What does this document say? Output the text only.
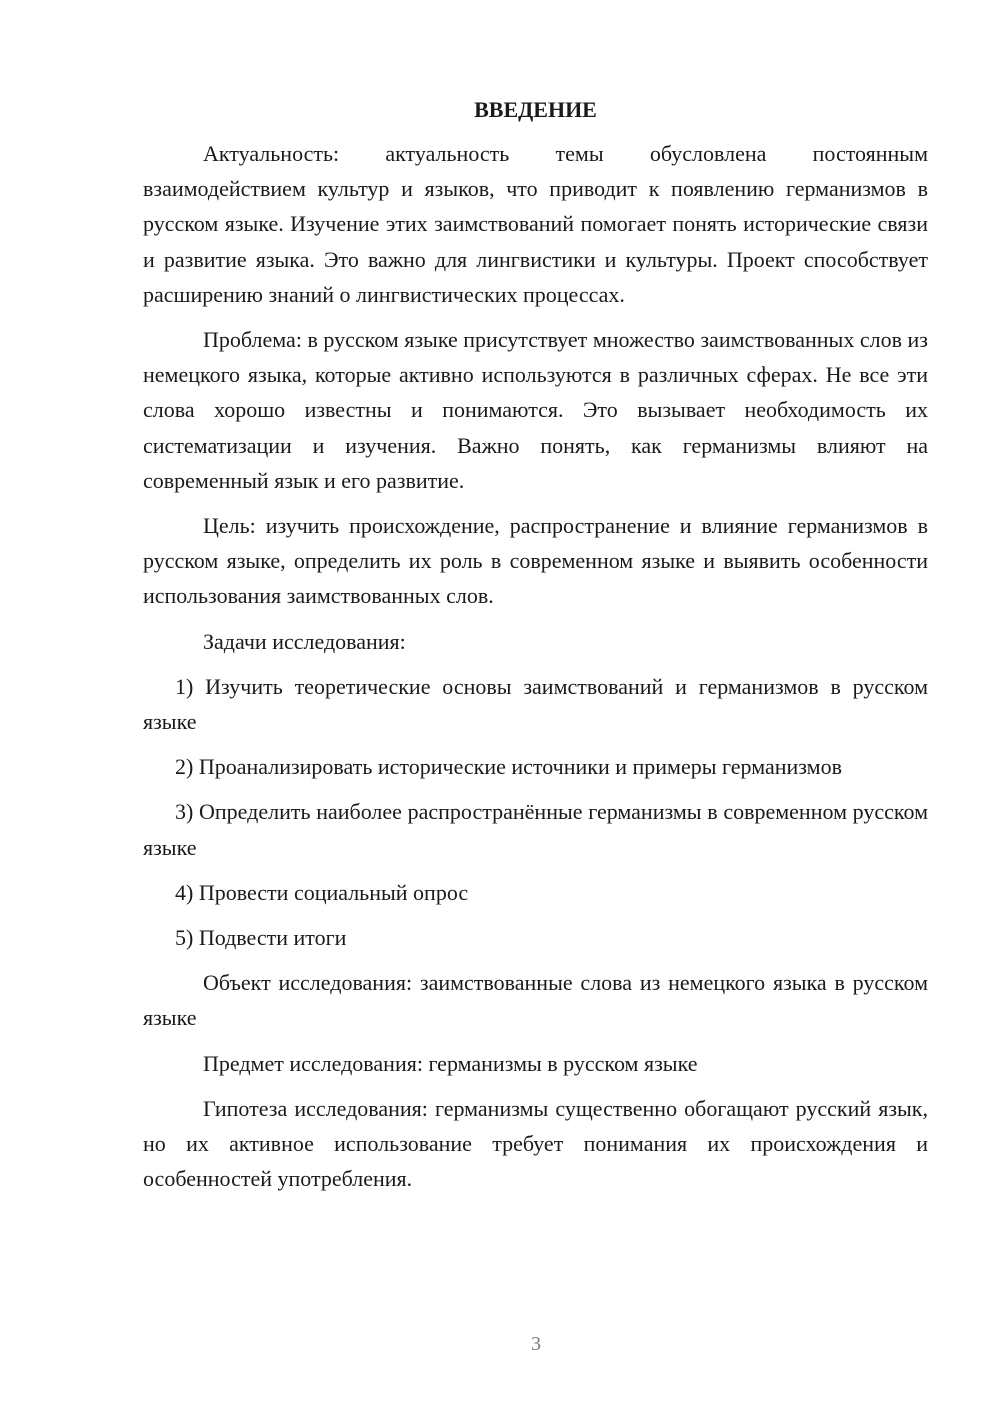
ВВЕДЕНИЕ

Актуальность: актуальность темы обусловлена постоянным взаимодействием культур и языков, что приводит к появлению германизмов в русском языке. Изучение этих заимствований помогает понять исторические связи и развитие языка. Это важно для лингвистики и культуры. Проект способствует расширению знаний о лингвистических процессах.

Проблема: в русском языке присутствует множество заимствованных слов из немецкого языка, которые активно используются в различных сферах. Не все эти слова хорошо известны и понимаются. Это вызывает необходимость их систематизации и изучения. Важно понять, как германизмы влияют на современный язык и его развитие.

Цель: изучить происхождение, распространение и влияние германизмов в русском языке, определить их роль в современном языке и выявить особенности использования заимствованных слов.

Задачи исследования:

1) Изучить теоретические основы заимствований и германизмов в русском языке

2) Проанализировать исторические источники и примеры германизмов

3) Определить наиболее распространённые германизмы в современном русском языке

4) Провести социальный опрос

5) Подвести итоги

Объект исследования: заимствованные слова из немецкого языка в русском языке

Предмет исследования: германизмы в русском языке

Гипотеза исследования: германизмы существенно обогащают русский язык, но их активное использование требует понимания их происхождения и особенностей употребления.

3
